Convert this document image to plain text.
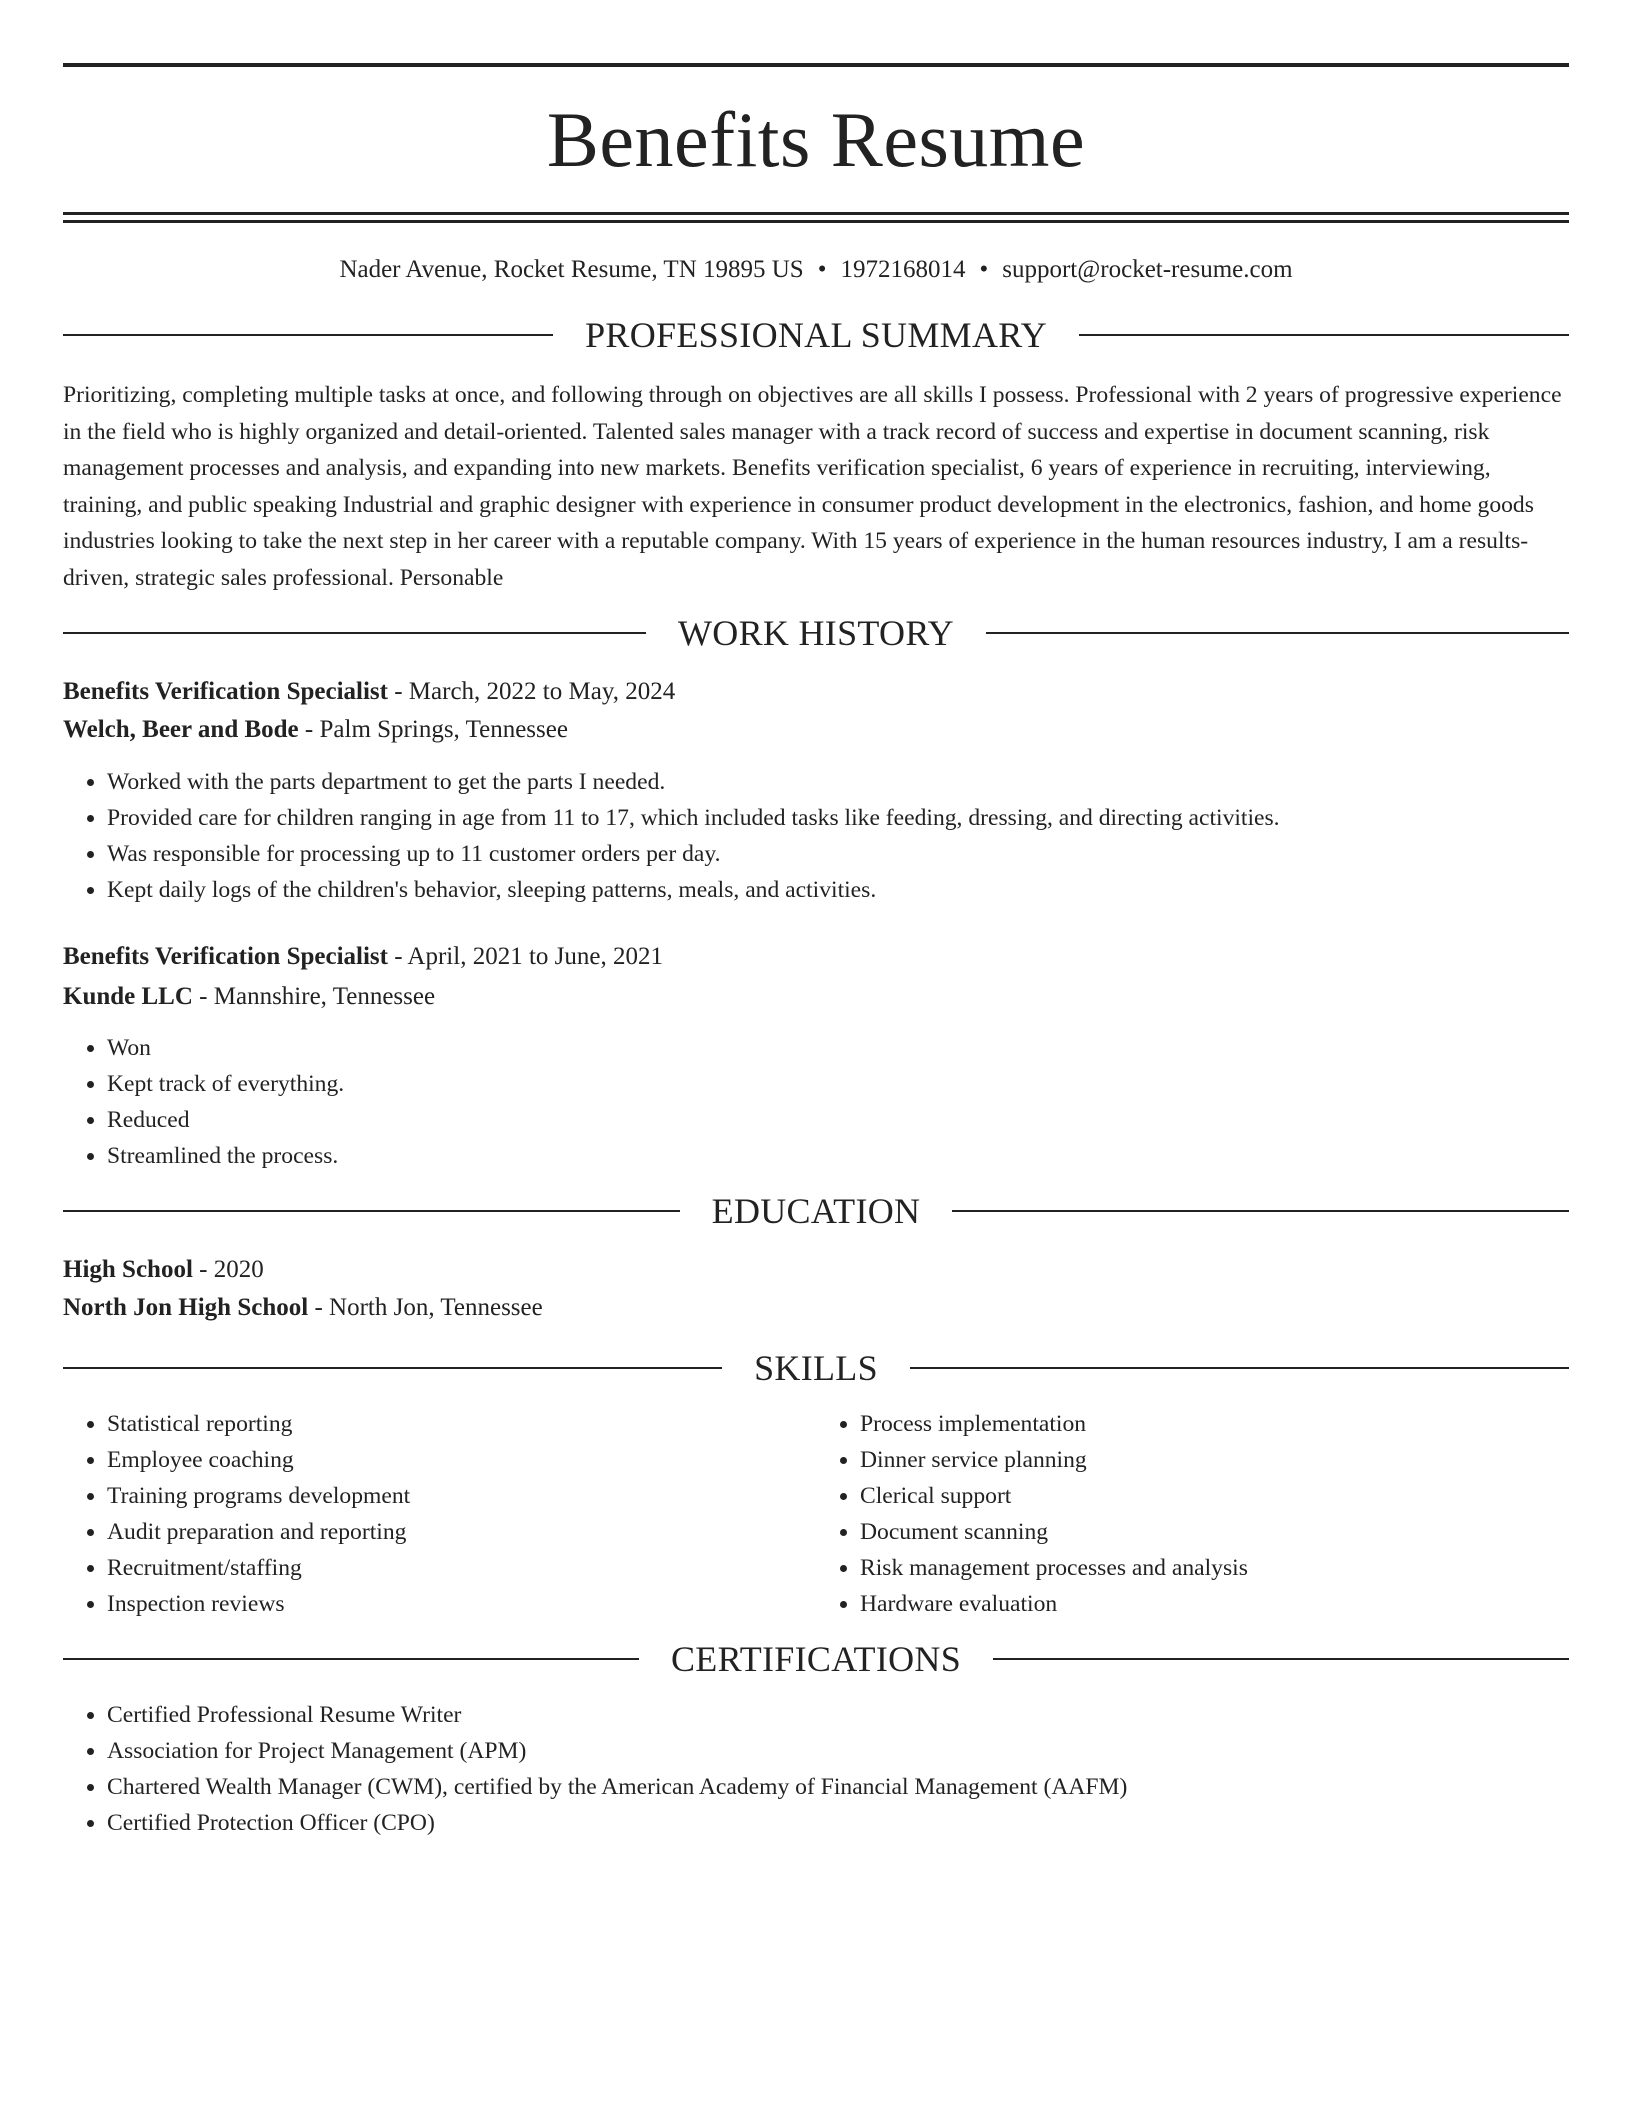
Benefits Resume
Nader Avenue, Rocket Resume, TN 19895 US • 1972168014 • support@rocket-resume.com
PROFESSIONAL SUMMARY

Prioritizing, completing multiple tasks at once, and following through on objectives are all skills I possess. Professional with 2 years of progressive experience in the field who is highly organized and detail-oriented. Talented sales manager with a track record of success and expertise in document scanning, risk management processes and analysis, and expanding into new markets. Benefits verification specialist, 6 years of experience in recruiting, interviewing, training, and public speaking Industrial and graphic designer with experience in consumer product development in the electronics, fashion, and home goods industries looking to take the next step in her career with a reputable company. With 15 years of experience in the human resources industry, I am a results-driven, strategic sales professional. Personable

WORK HISTORY
Benefits Verification Specialist - March, 2022 to May, 2024
Welch, Beer and Bode - Palm Springs, Tennessee
• Worked with the parts department to get the parts I needed.
• Provided care for children ranging in age from 11 to 17, which included tasks like feeding, dressing, and directing activities.
• Was responsible for processing up to 11 customer orders per day.
• Kept daily logs of the children's behavior, sleeping patterns, meals, and activities.
Benefits Verification Specialist - April, 2021 to June, 2021
Kunde LLC - Mannshire, Tennessee
• Won
• Kept track of everything.
• Reduced
• Streamlined the process.
EDUCATION
High School - 2020
North Jon High School - North Jon, Tennessee
SKILLS
• Statistical reporting
• Employee coaching
• Training programs development
• Audit preparation and reporting
• Recruitment/staffing
• Inspection reviews
• Process implementation
• Dinner service planning
• Clerical support
• Document scanning
• Risk management processes and analysis
• Hardware evaluation
CERTIFICATIONS
• Certified Professional Resume Writer
• Association for Project Management (APM)
• Chartered Wealth Manager (CWM), certified by the American Academy of Financial Management (AAFM)
• Certified Protection Officer (CPO)
